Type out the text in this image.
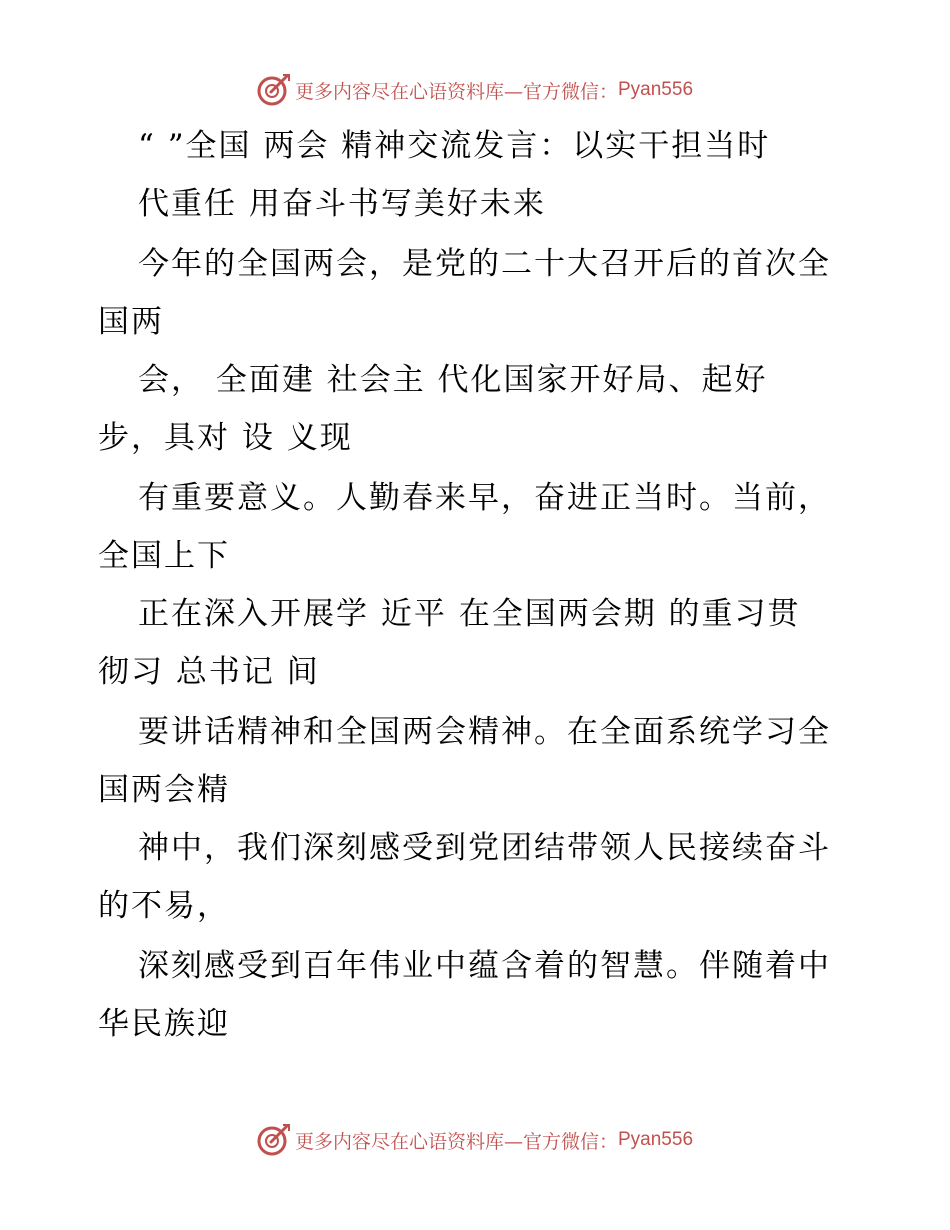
更多内容尽在心语资料库—官方微信： Pyan556
“ ”全国 两会 精神交流发言：以实干担当时
代重任 用奋斗书写美好未来
今年的全国两会，是党的二十大召开后的首次全
国两
会， 全面建 社会主 代化国家开好局、起好
步，具对 设 义现
有重要意义。人勤春来早，奋进正当时。当前，
全国上下
正在深入开展学 近平 在全国两会期 的重习贯
彻习 总书记 间
要讲话精神和全国两会精神。在全面系统学习全
国两会精
神中，我们深刻感受到党团结带领人民接续奋斗
的不易，
深刻感受到百年伟业中蕴含着的智慧。伴随着中
华民族迎
更多内容尽在心语资料库—官方微信： Pyan556
